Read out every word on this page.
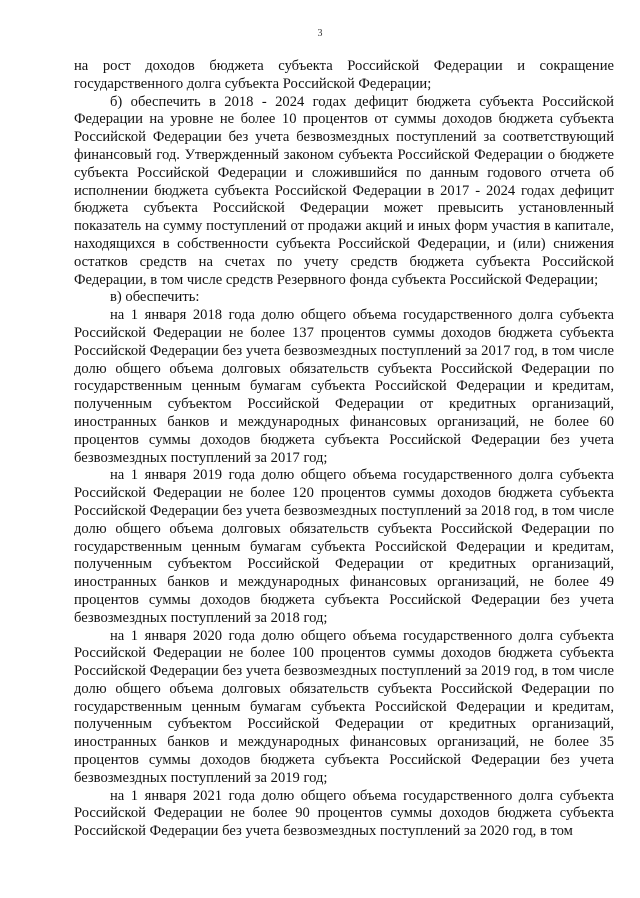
3

на рост доходов бюджета субъекта Российской Федерации и сокращение государственного долга субъекта Российской Федерации;

б) обеспечить в 2018 - 2024 годах дефицит бюджета субъекта Российской Федерации на уровне не более 10 процентов от суммы доходов бюджета субъекта Российской Федерации без учета безвозмездных поступлений за соответствующий финансовый год. Утвержденный законом субъекта Российской Федерации о бюджете субъекта Российской Федерации и сложившийся по данным годового отчета об исполнении бюджета субъекта Российской Федерации в 2017 - 2024 годах дефицит бюджета субъекта Российской Федерации может превысить установленный показатель на сумму поступлений от продажи акций и иных форм участия в капитале, находящихся в собственности субъекта Российской Федерации, и (или) снижения остатков средств на счетах по учету средств бюджета субъекта Российской Федерации, в том числе средств Резервного фонда субъекта Российской Федерации;

в) обеспечить:

на 1 января 2018 года долю общего объема государственного долга субъекта Российской Федерации не более 137 процентов суммы доходов бюджета субъекта Российской Федерации без учета безвозмездных поступлений за 2017 год, в том числе долю общего объема долговых обязательств субъекта Российской Федерации по государственным ценным бумагам субъекта Российской Федерации и кредитам, полученным субъектом Российской Федерации от кредитных организаций, иностранных банков и международных финансовых организаций, не более 60 процентов суммы доходов бюджета субъекта Российской Федерации без учета безвозмездных поступлений за 2017 год;

на 1 января 2019 года долю общего объема государственного долга субъекта Российской Федерации не более 120 процентов суммы доходов бюджета субъекта Российской Федерации без учета безвозмездных поступлений за 2018 год, в том числе долю общего объема долговых обязательств субъекта Российской Федерации по государственным ценным бумагам субъекта Российской Федерации и кредитам, полученным субъектом Российской Федерации от кредитных организаций, иностранных банков и международных финансовых организаций, не более 49 процентов суммы доходов бюджета субъекта Российской Федерации без учета безвозмездных поступлений за 2018 год;

на 1 января 2020 года долю общего объема государственного долга субъекта Российской Федерации не более 100 процентов суммы доходов бюджета субъекта Российской Федерации без учета безвозмездных поступлений за 2019 год, в том числе долю общего объема долговых обязательств субъекта Российской Федерации по государственным ценным бумагам субъекта Российской Федерации и кредитам, полученным субъектом Российской Федерации от кредитных организаций, иностранных банков и международных финансовых организаций, не более 35 процентов суммы доходов бюджета субъекта Российской Федерации без учета безвозмездных поступлений за 2019 год;

на 1 января 2021 года долю общего объема государственного долга субъекта Российской Федерации не более 90 процентов суммы доходов бюджета субъекта Российской Федерации без учета безвозмездных поступлений за 2020 год, в том
